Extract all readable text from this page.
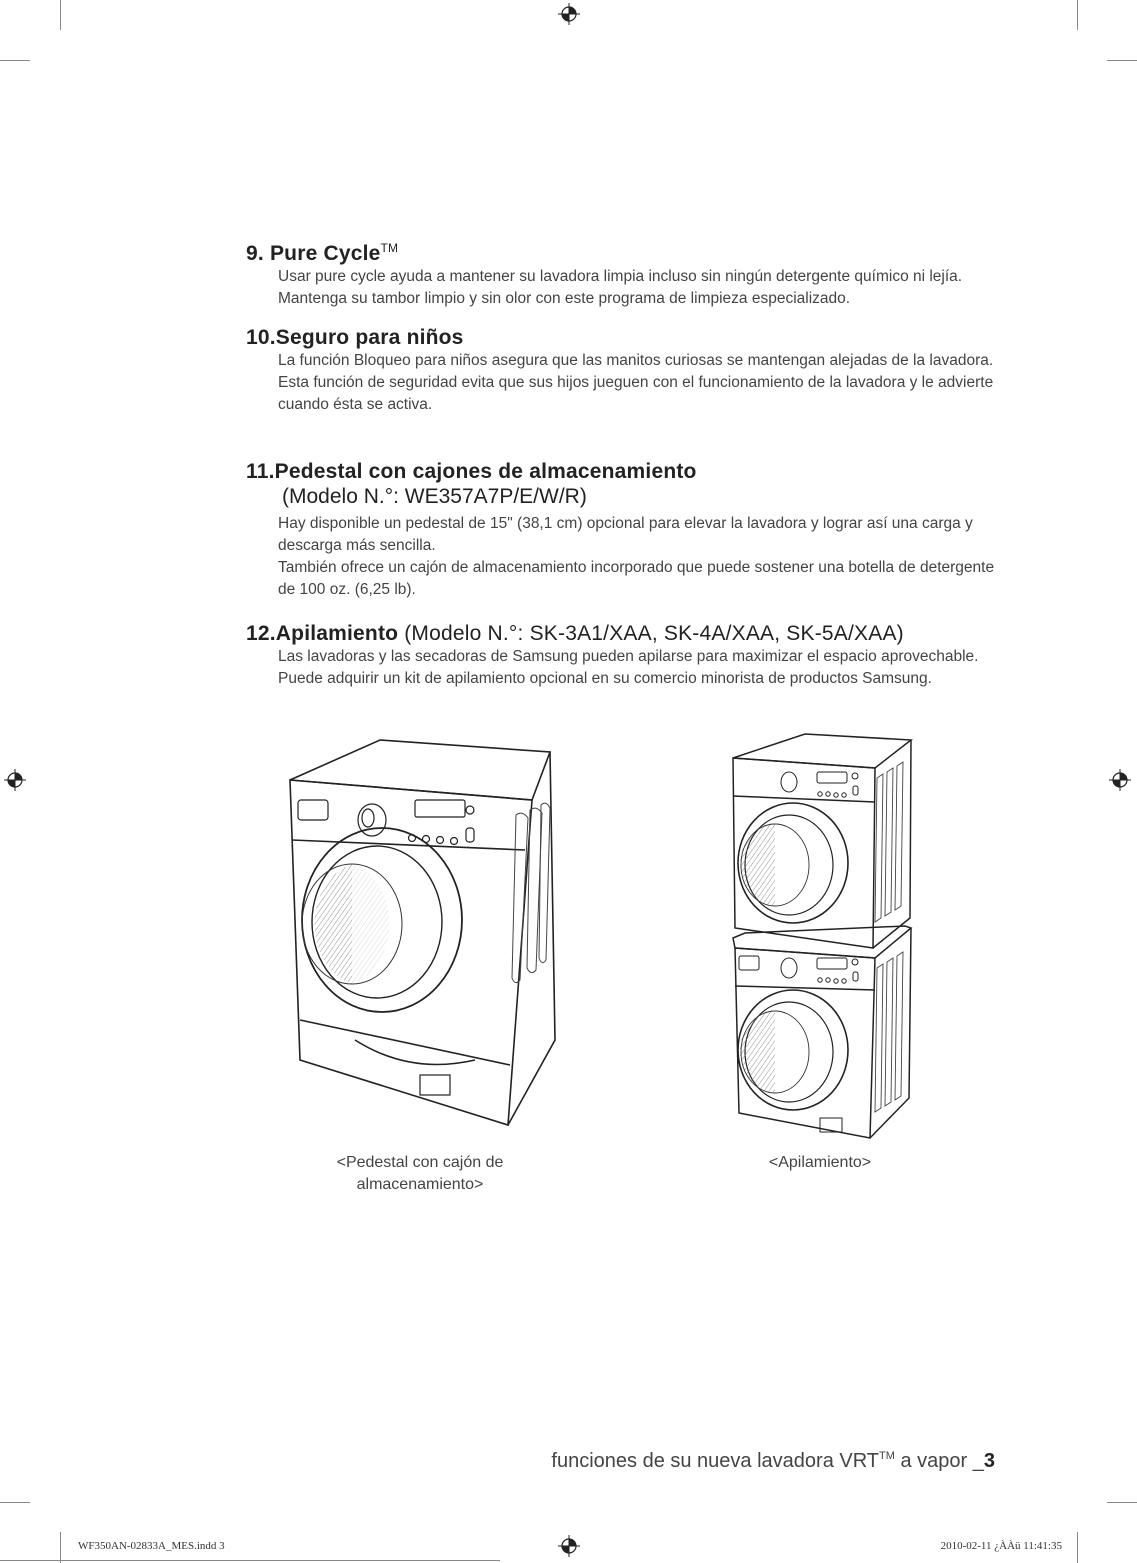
9. Pure Cycle™

Usar pure cycle ayuda a mantener su lavadora limpia incluso sin ningún detergente químico ni lejía. Mantenga su tambor limpio y sin olor con este programa de limpieza especializado.

10.Seguro para niños

La función Bloqueo para niños asegura que las manitos curiosas se mantengan alejadas de la lavadora.

Esta función de seguridad evita que sus hijos jueguen con el funcionamiento de la lavadora y le advierte cuando ésta se activa.

11.Pedestal con cajones de almacenamiento
(Modelo N.°: WE357A7P/E/W/R)

Hay disponible un pedestal de 15" (38,1 cm) opcional para elevar la lavadora y lograr así una carga y descarga más sencilla.

También ofrece un cajón de almacenamiento incorporado que puede sostener una botella de detergente de 100 oz. (6,25 lb).

12.Apilamiento (Modelo N.°: SK-3A1/XAA, SK-4A/XAA, SK-5A/XAA)

Las lavadoras y las secadoras de Samsung pueden apilarse para maximizar el espacio aprovechable. Puede adquirir un kit de apilamiento opcional en su comercio minorista de productos Samsung.

<Pedestal con cajón de
almacenamiento>
<Apilamiento>
funciones de su nueva lavadora VRT™ a vapor _3
WF350AN-02833A_MES.indd 3	2010-02-11 ¿ÀÀü 11:41:35
